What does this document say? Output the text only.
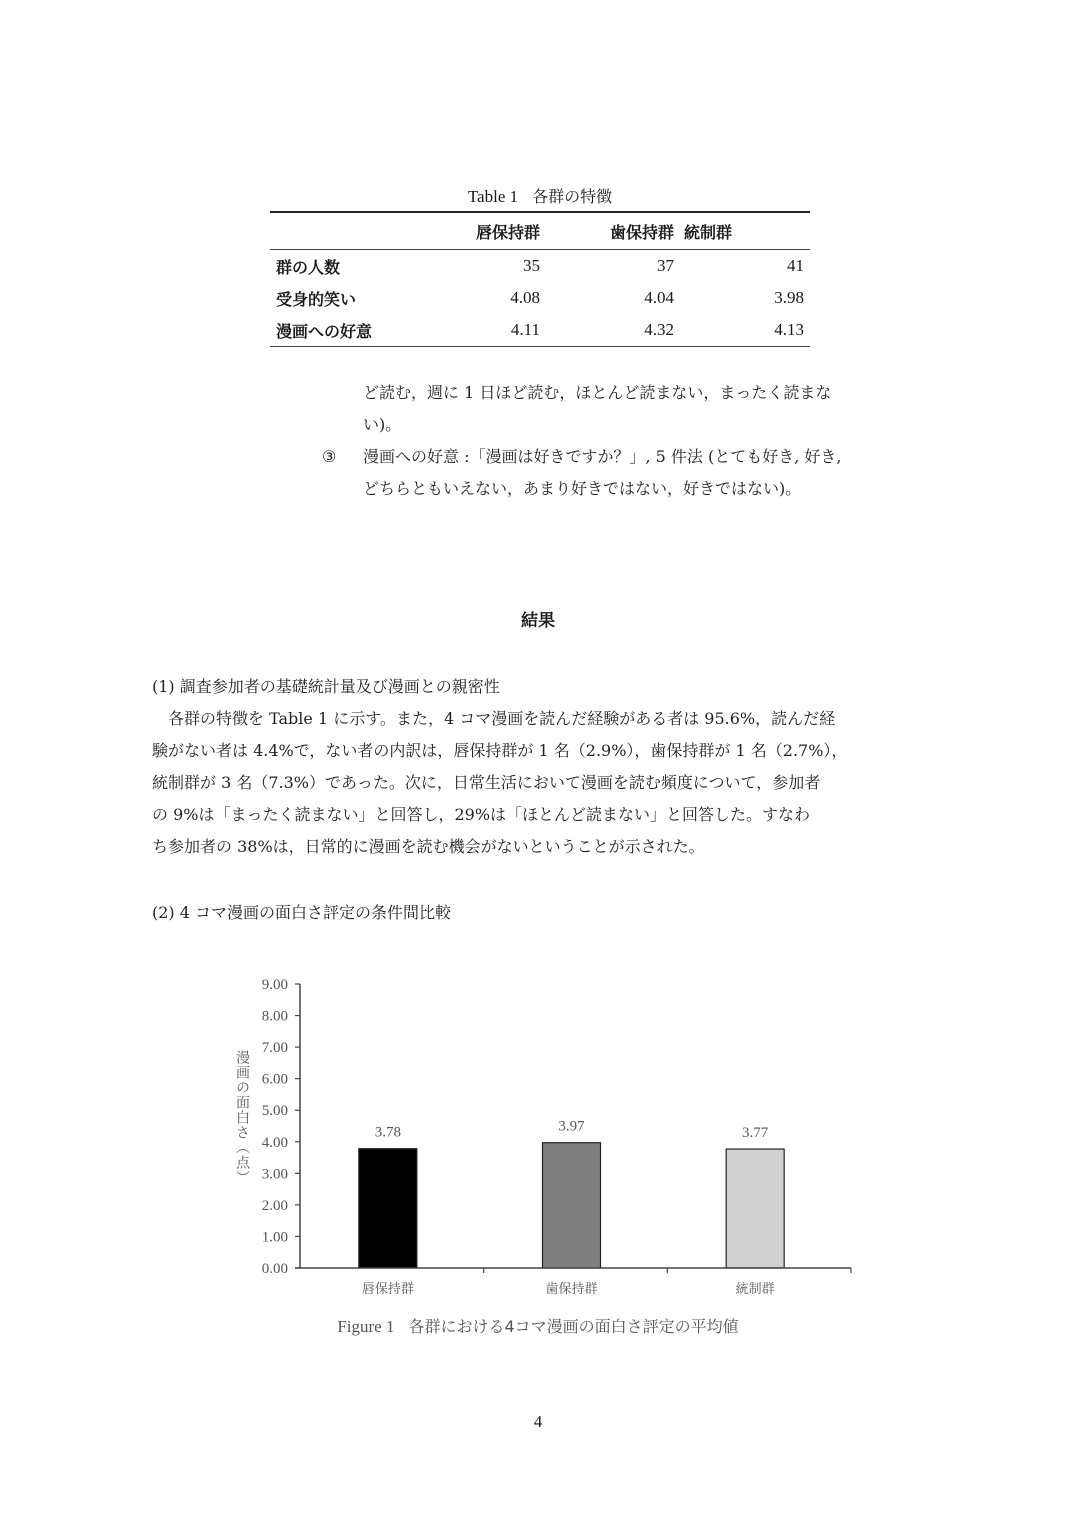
Table 1 各群の特徴
	唇保持群	歯保持群	統制群
群の人数	35	37	41
受身的笑い	4.08	4.04	3.98
漫画への好意	4.11	4.32	4.13
ど読む，週に 1 日ほど読む，ほとんど読まない，まったく読まな
い)。
③ 漫画への好意 :「漫画は好きですか？」, 5 件法 (とても好き, 好き,
どちらともいえない，あまり好きではない，好きではない)。
結果
(1) 調査参加者の基礎統計量及び漫画との親密性

　各群の特徴を Table 1 に示す。また，4 コマ漫画を読んだ経験がある者は 95.6%，読んだ経

験がない者は 4.4%で，ない者の内訳は，唇保持群が 1 名（2.9%），歯保持群が 1 名（2.7%），

統制群が 3 名（7.3%）であった。次に，日常生活において漫画を読む頻度について，参加者

の 9%は「まったく読まない」と回答し，29%は「ほとんど読まない」と回答した。すなわ

ち参加者の 38%は，日常的に漫画を読む機会がないということが示された。

(2) 4 コマ漫画の面白さ評定の条件間比較
0.00
1.00
2.00
3.00
4.00
5.00
6.00
7.00
8.00
9.00
3.78	3.97	3.77
唇保持群	歯保持群	統制群
漫画の面白さ（点）
Figure 1 各群における4コマ漫画の面白さ評定の平均値
4
